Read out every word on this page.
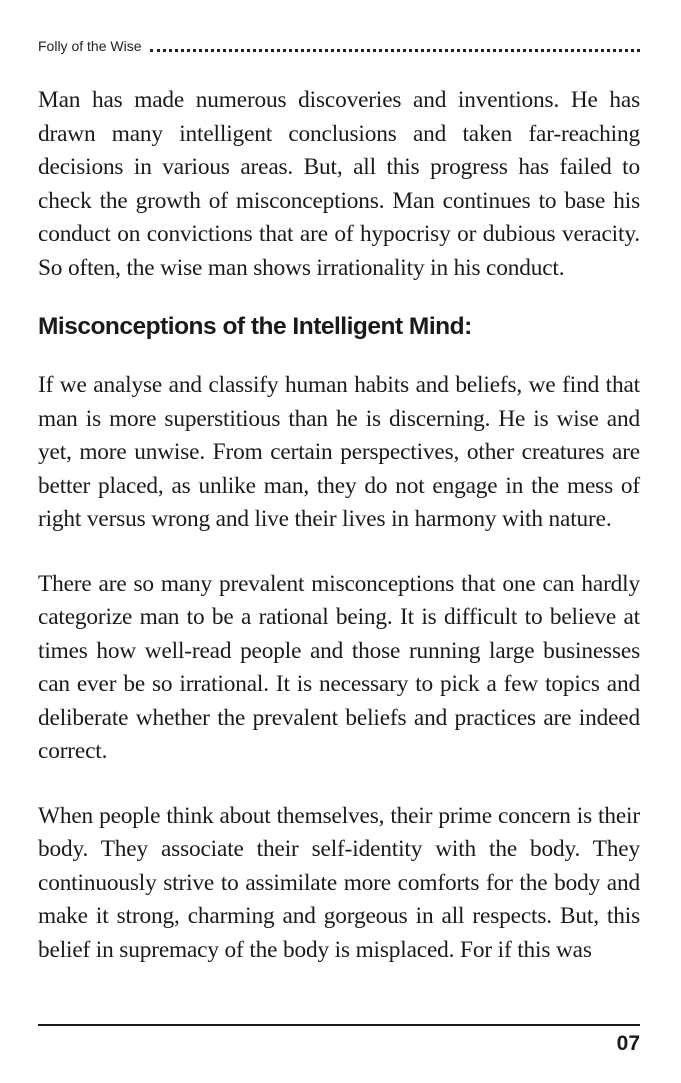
Folly of the Wise

Man has made numerous discoveries and inventions. He has drawn many intelligent conclusions and taken far-reaching decisions in various areas. But, all this progress has failed to check the growth of misconceptions. Man continues to base his conduct on convictions that are of hypocrisy or dubious veracity. So often, the wise man shows irrationality in his conduct.

Misconceptions of the Intelligent Mind:

If we analyse and classify human habits and beliefs, we find that man is more superstitious than he is discerning. He is wise and yet, more unwise. From certain perspectives, other creatures are better placed, as unlike man, they do not engage in the mess of right versus wrong and live their lives in harmony with nature.

There are so many prevalent misconceptions that one can hardly categorize man to be a rational being. It is difficult to believe at times how well-read people and those running large businesses can ever be so irrational. It is necessary to pick a few topics and deliberate whether the prevalent beliefs and practices are indeed correct.

When people think about themselves, their prime concern is their body. They associate their self-identity with the body. They continuously strive to assimilate more comforts for the body and make it strong, charming and gorgeous in all respects. But, this belief in supremacy of the body is misplaced. For if this was

07
